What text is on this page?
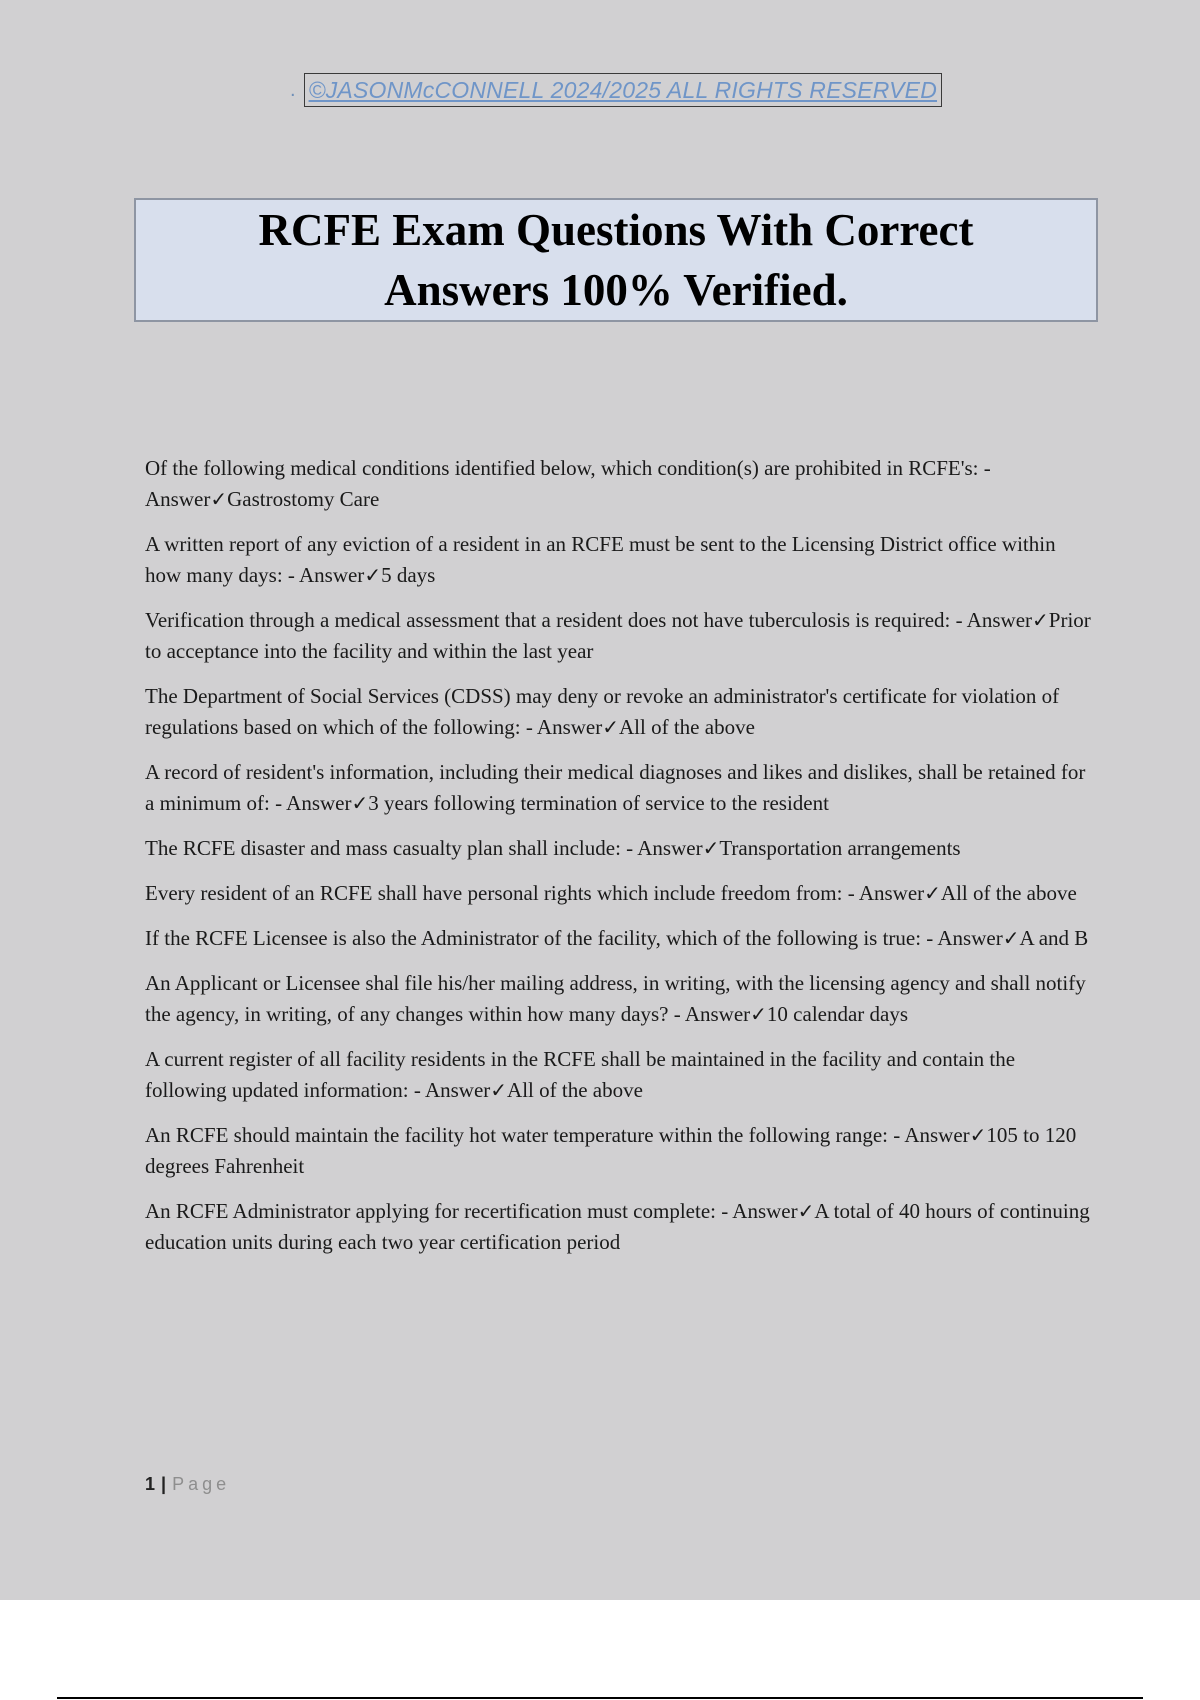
. ©JASONMcCONNELL 2024/2025 ALL RIGHTS RESERVED
RCFE Exam Questions With Correct
Answers 100% Verified.
Of the following medical conditions identified below, which condition(s) are prohibited in RCFE's: - Answer✓Gastrostomy Care
A written report of any eviction of a resident in an RCFE must be sent to the Licensing District office within how many days: - Answer✓5 days
Verification through a medical assessment that a resident does not have tuberculosis is required: - Answer✓Prior to acceptance into the facility and within the last year
The Department of Social Services (CDSS) may deny or revoke an administrator's certificate for violation of regulations based on which of the following: - Answer✓All of the above
A record of resident's information, including their medical diagnoses and likes and dislikes, shall be retained for a minimum of: - Answer✓3 years following termination of service to the resident
The RCFE disaster and mass casualty plan shall include: - Answer✓Transportation arrangements
Every resident of an RCFE shall have personal rights which include freedom from: - Answer✓All of the above
If the RCFE Licensee is also the Administrator of the facility, which of the following is true: - Answer✓A and B
An Applicant or Licensee shal file his/her mailing address, in writing, with the licensing agency and shall notify the agency, in writing, of any changes within how many days? - Answer✓10 calendar days
A current register of all facility residents in the RCFE shall be maintained in the facility and contain the following updated information: - Answer✓All of the above
An RCFE should maintain the facility hot water temperature within the following range: - Answer✓105 to 120 degrees Fahrenheit
An RCFE Administrator applying for recertification must complete: - Answer✓A total of 40 hours of continuing education units during each two year certification period
1 | Page
